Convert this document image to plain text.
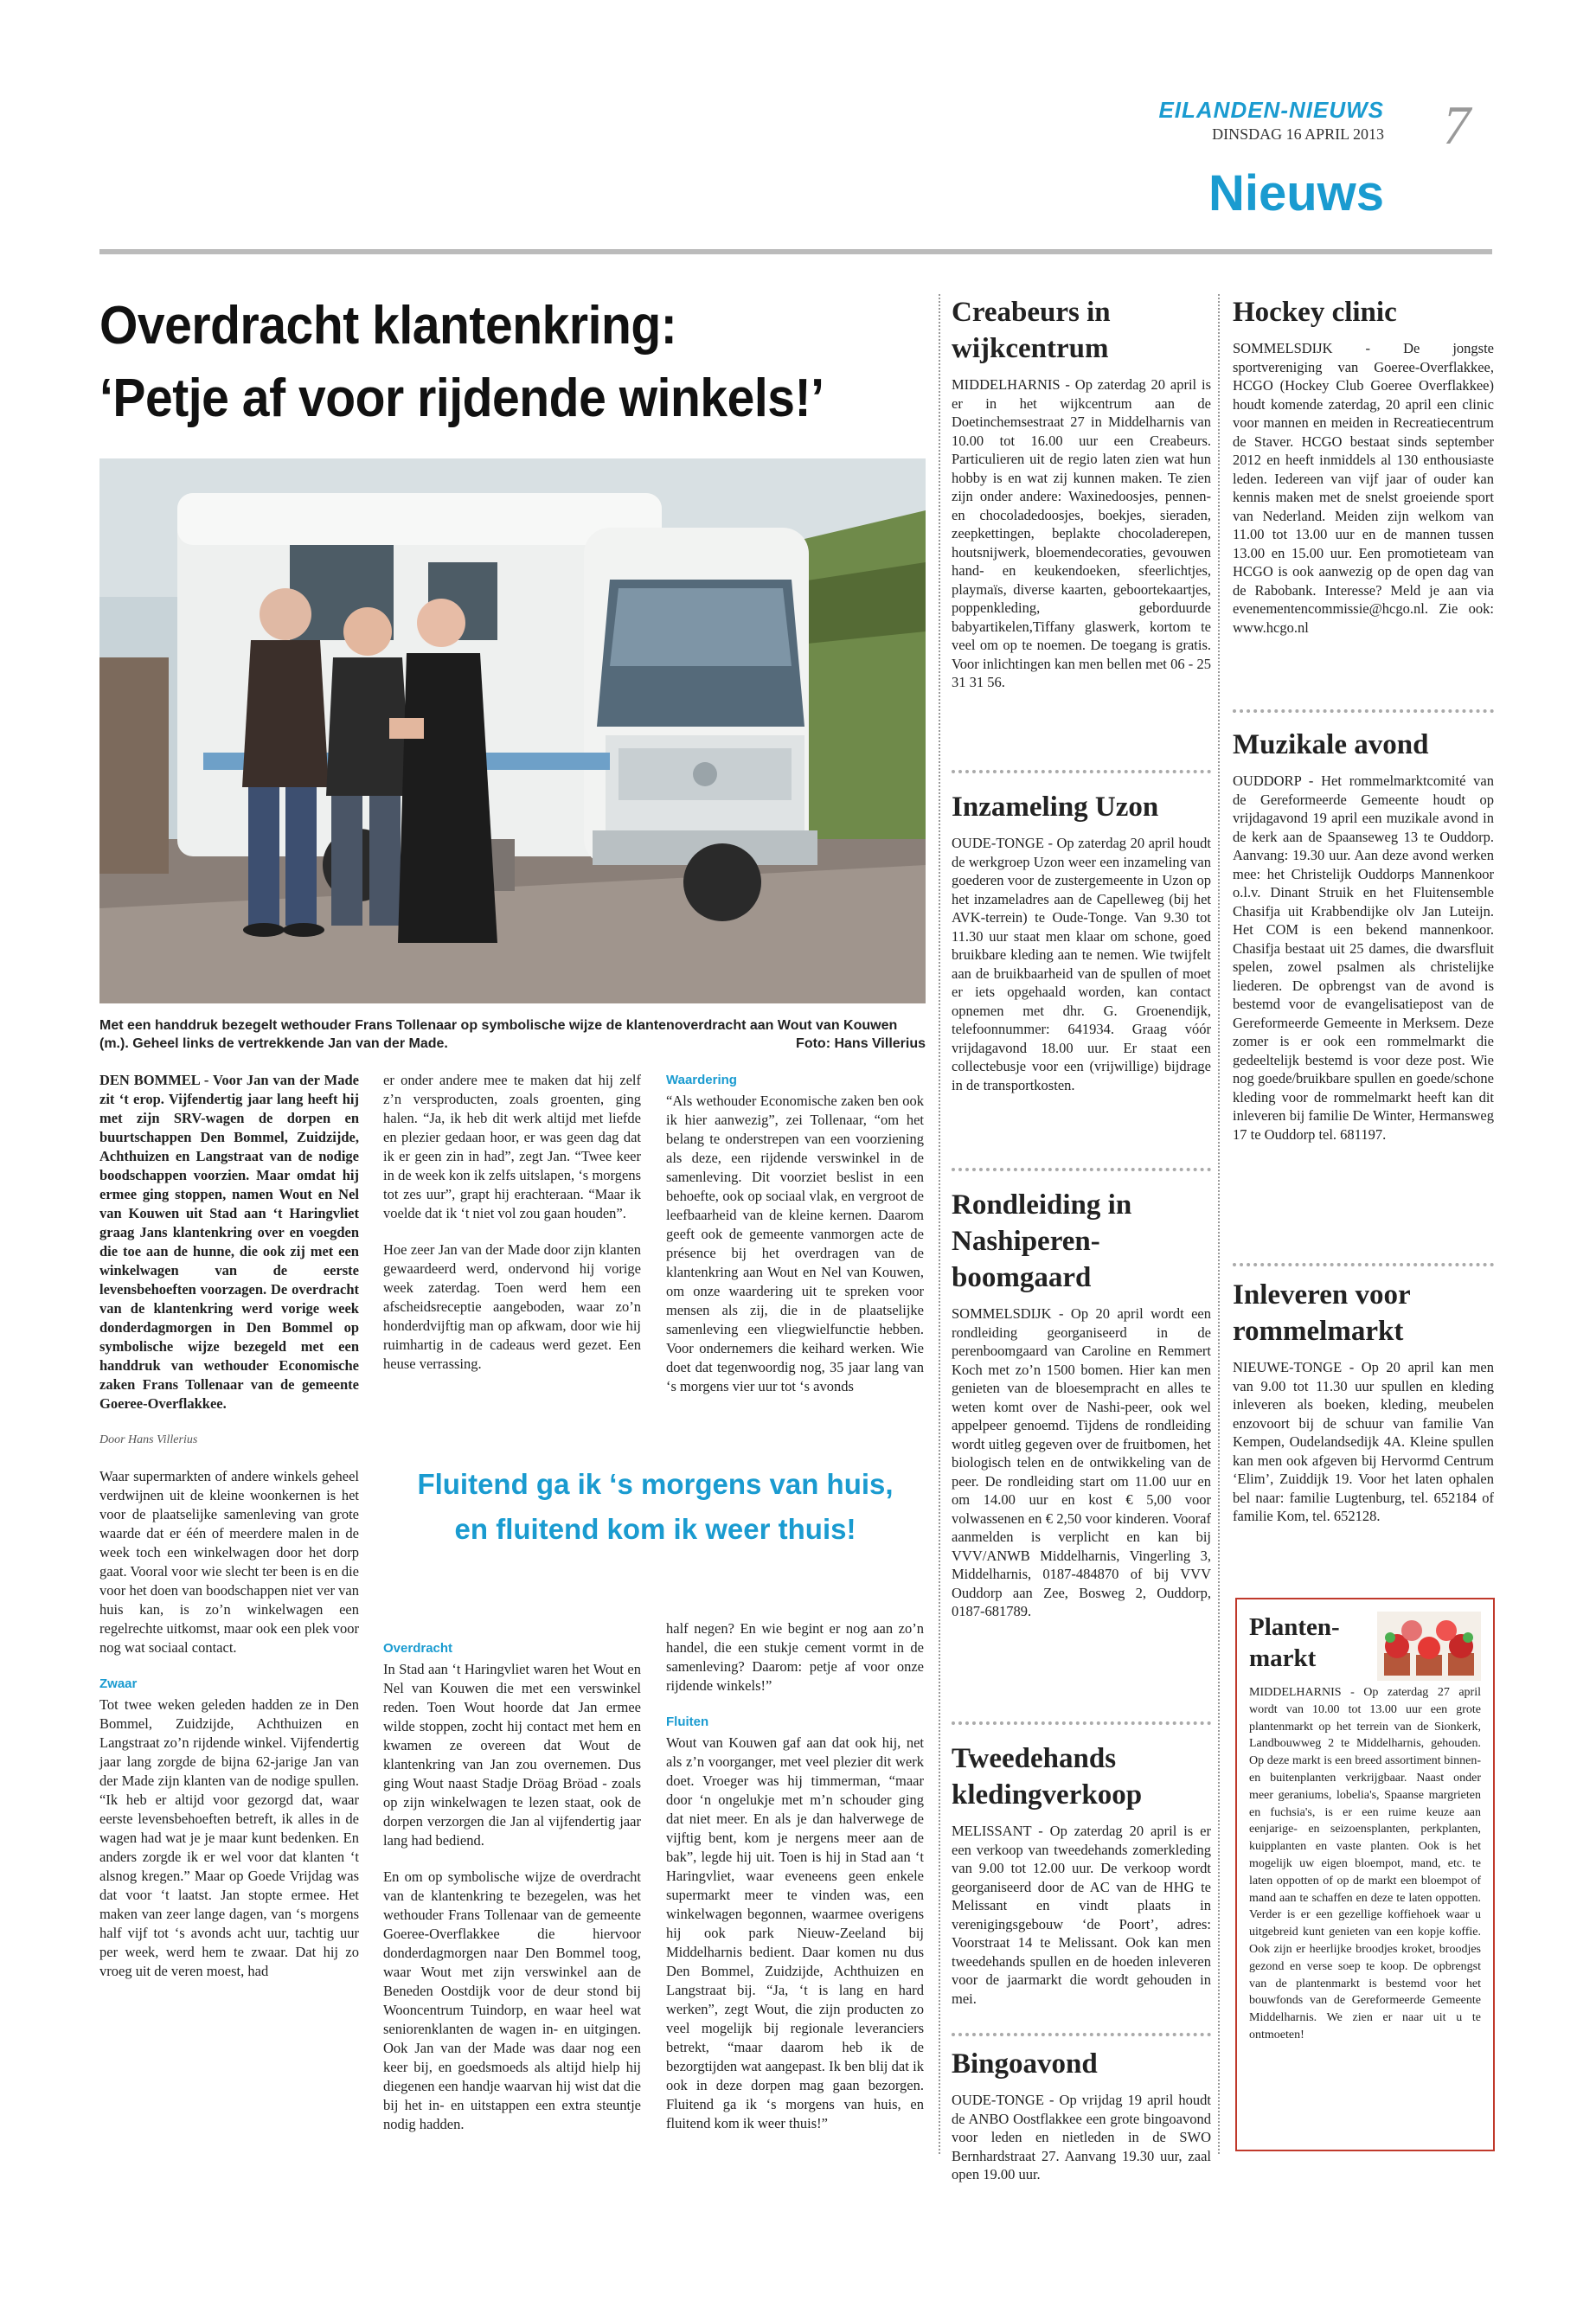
EILANDEN-NIEUWS
DINSDAG 16 APRIL 2013 7
Nieuws
Overdracht klantenkring:
‘Petje af voor rijdende winkels!’
Met een handdruk bezegelt wethouder Frans Tollenaar op symbolische wijze de klantenoverdracht aan Wout van Kouwen (m.). Geheel links de vertrekkende Jan van der Made.	Foto: Hans Villerius

DEN BOMMEL - Voor Jan van der Made zit ‘t erop. Vijfendertig jaar lang heeft hij met zijn SRV-wagen de dorpen en buurtschappen Den Bommel, Zuidzijde, Achthuizen en Langstraat van de nodige boodschappen voorzien. Maar omdat hij ermee ging stoppen, namen Wout en Nel van Kouwen uit Stad aan ‘t Haringvliet graag Jans klantenkring over en voegden die toe aan de hunne, die ook zij met een winkelwagen van de eerste levensbehoeften voorzagen. De overdracht van de klantenkring werd vorige week donderdagmorgen in Den Bommel op symbolische wijze bezegeld met een handdruk van wethouder Economische zaken Frans Tollenaar van de gemeente Goeree-Overflakkee.

Door Hans Villerius

Waar supermarkten of andere winkels geheel verdwijnen uit de kleine woonkernen is het voor de plaatselijke samenleving van grote waarde dat er één of meerdere malen in de week toch een winkelwagen door het dorp gaat. Vooral voor wie slecht ter been is en die voor het doen van boodschappen niet ver van huis kan, is zo’n winkelwagen een regelrechte uitkomst, maar ook een plek voor nog wat sociaal contact.

Zwaar

Tot twee weken geleden hadden ze in Den Bommel, Zuidzijde, Achthuizen en Langstraat zo’n rijdende winkel. Vijfendertig jaar lang zorgde de bijna 62-jarige Jan van der Made zijn klanten van de nodige spullen. “Ik heb er altijd voor gezorgd dat, waar eerste levensbehoeften betreft, ik alles in de wagen had wat je je maar kunt bedenken. En anders zorgde ik er wel voor dat klanten ‘t alsnog kregen.” Maar op Goede Vrijdag was dat voor ‘t laatst. Jan stopte ermee. Het maken van zeer lange dagen, van ‘s morgens half vijf tot ‘s avonds acht uur, tachtig uur per week, werd hem te zwaar. Dat hij zo vroeg uit de veren moest, had

er onder andere mee te maken dat hij zelf z’n versproducten, zoals groenten, ging halen. “Ja, ik heb dit werk altijd met liefde en plezier gedaan hoor, er was geen dag dat ik er geen zin in had”, zegt Jan. “Twee keer in de week kon ik zelfs uitslapen, ‘s morgens tot zes uur”, grapt hij erachteraan. “Maar ik voelde dat ik ‘t niet vol zou gaan houden”.

Hoe zeer Jan van der Made door zijn klanten gewaardeerd werd, ondervond hij vorige week zaterdag. Toen werd hem een afscheidsreceptie aangeboden, waar zo’n honderdvijftig man op afkwam, door wie hij ruimhartig in de cadeaus werd gezet. Een heuse verrassing.

Overdracht

In Stad aan ‘t Haringvliet waren het Wout en Nel van Kouwen die met een verswinkel reden. Toen Wout hoorde dat Jan ermee wilde stoppen, zocht hij contact met hem en kwamen ze overeen dat Wout de klantenkring van Jan zou overnemen. Dus ging Wout naast Stadje Dröag Bröad - zoals op zijn winkelwagen te lezen staat, ook de dorpen verzorgen die Jan al vijfendertig jaar lang had bediend.

En om op symbolische wijze de overdracht van de klantenkring te bezegelen, was het wethouder Frans Tollenaar van de gemeente Goeree-Overflakkee die hiervoor donderdagmorgen naar Den Bommel toog, waar Wout met zijn verswinkel aan de Beneden Oostdijk voor de deur stond bij Wooncentrum Tuindorp, en waar heel wat seniorenklanten de wagen in- en uitgingen. Ook Jan van der Made was daar nog een keer bij, en goedsmoeds als altijd hielp hij diegenen een handje waarvan hij wist dat die bij het in- en uitstappen een extra steuntje nodig hadden.

Waardering

“Als wethouder Economische zaken ben ook ik hier aanwezig”, zei Tollenaar, “om het belang te onderstrepen van een voorziening als deze, een rijdende verswinkel in de samenleving. Dit voorziet beslist in een behoefte, ook op sociaal vlak, en vergroot de leefbaarheid van de kleine kernen. Daarom geeft ook de gemeente vanmorgen acte de présence bij het overdragen van de klantenkring aan Wout en Nel van Kouwen, om onze waardering uit te spreken voor mensen als zij, die in de plaatselijke samenleving een vliegwielfunctie hebben. Voor ondernemers die keihard werken. Wie doet dat tegenwoordig nog, 35 jaar lang van ‘s morgens vier uur tot ‘s avonds

half negen? En wie begint er nog aan zo’n handel, die een stukje cement vormt in de samenleving? Daarom: petje af voor onze rijdende winkels!”

Fluiten

Wout van Kouwen gaf aan dat ook hij, net als z’n voorganger, met veel plezier dit werk doet. Vroeger was hij timmerman, “maar door ‘n ongelukje met m’n schouder ging dat niet meer. En als je dan halverwege de vijftig bent, kom je nergens meer aan de bak”, legde hij uit. Toen is hij in Stad aan ‘t Haringvliet, waar eveneens geen enkele supermarkt meer te vinden was, een winkelwagen begonnen, waarmee overigens hij ook park Nieuw-Zeeland bij Middelharnis bedient. Daar komen nu dus Den Bommel, Zuidzijde, Achthuizen en Langstraat bij. “Ja, ‘t is lang en hard werken”, zegt Wout, die zijn producten zo veel mogelijk bij regionale leveranciers betrekt, “maar daarom heb ik de bezorgtijden wat aangepast. Ik ben blij dat ik ook in deze dorpen mag gaan bezorgen. Fluitend ga ik ‘s morgens van huis, en fluitend kom ik weer thuis!”

Fluitend ga ik ‘s morgens van huis, en fluitend kom ik weer thuis!
Creabeurs in wijkcentrum
MIDDELHARNIS - Op zaterdag 20 april is er in het wijkcentrum aan de Doetinchemsestraat 27 in Middelharnis van 10.00 tot 16.00 uur een Creabeurs. Particulieren uit de regio laten zien wat hun hobby is en wat zij kunnen maken. Te zien zijn onder andere: Waxinedoosjes, pennen- en chocoladedoosjes, boekjes, sieraden, zeepkettingen, beplakte chocoladerepen, houtsnijwerk, bloemendecoraties, gevouwen hand- en keukendoeken, sfeerlichtjes, playmaïs, diverse kaarten, geboortekaartjes, poppenkleding, geborduurde babyartikelen,Tiffany glaswerk, kortom te veel om op te noemen. De toegang is gratis. Voor inlichtingen kan men bellen met 06 - 25 31 31 56.
Inzameling Uzon
OUDE-TONGE - Op zaterdag 20 april houdt de werkgroep Uzon weer een inzameling van goederen voor de zustergemeente in Uzon op het inzameladres aan de Capelleweg (bij het AVK-terrein) te Oude-Tonge. Van 9.30 tot 11.30 uur staat men klaar om schone, goed bruikbare kleding aan te nemen. Wie twijfelt aan de bruikbaarheid van de spullen of moet er iets opgehaald worden, kan contact opnemen met dhr. G. Groenendijk, telefoonnummer: 641934. Graag vóór vrijdagavond 18.00 uur. Er staat een collectebusje voor een (vrijwillige) bijdrage in de transportkosten.
Rondleiding in Nashiperen-boomgaard
SOMMELSDIJK - Op 20 april wordt een rondleiding georganiseerd in de perenboomgaard van Caroline en Remmert Koch met zo’n 1500 bomen. Hier kan men genieten van de bloesempracht en alles te weten komt over de Nashi-peer, ook wel appelpeer genoemd. Tijdens de rondleiding wordt uitleg gegeven over de fruitbomen, het biologisch telen en de ontwikkeling van de peer. De rondleiding start om 11.00 uur en om 14.00 uur en kost € 5,00 voor volwassenen en € 2,50 voor kinderen. Vooraf aanmelden is verplicht en kan bij VVV/ANWB Middelharnis, Vingerling 3, Middelharnis, 0187-484870 of bij VVV Ouddorp aan Zee, Bosweg 2, Ouddorp, 0187-681789.
Tweedehands kledingverkoop
MELISSANT - Op zaterdag 20 april is er een verkoop van tweedehands zomerkleding van 9.00 tot 12.00 uur. De verkoop wordt georganiseerd door de AC van de HHG te Melissant en vindt plaats in verenigingsgebouw ‘de Poort’, adres: Voorstraat 14 te Melissant. Ook kan men tweedehands spullen en de hoeden inleveren voor de jaarmarkt die wordt gehouden in mei.
Bingoavond
OUDE-TONGE - Op vrijdag 19 april houdt de ANBO Oostflakkee een grote bingoavond voor leden en nietleden in de SWO Bernhardstraat 27. Aanvang 19.30 uur, zaal open 19.00 uur.
Hockey clinic
SOMMELSDIJK - De jongste sportvereniging van Goeree-Overflakkee, HCGO (Hockey Club Goeree Overflakkee) houdt komende zaterdag, 20 april een clinic voor mannen en meiden in Recreatiecentrum de Staver. HCGO bestaat sinds september 2012 en heeft inmiddels al 130 enthousiaste leden. Iedereen van vijf jaar of ouder kan kennis maken met de snelst groeiende sport van Nederland. Meiden zijn welkom van 11.00 tot 13.00 uur en de mannen tussen 13.00 en 15.00 uur. Een promotieteam van HCGO is ook aanwezig op de open dag van de Rabobank. Interesse? Meld je aan via evenementencommissie@hcgo.nl. Zie ook: www.hcgo.nl
Muzikale avond
OUDDORP - Het rommelmarktcomité van de Gereformeerde Gemeente houdt op vrijdagavond 19 april een muzikale avond in de kerk aan de Spaanseweg 13 te Ouddorp. Aanvang: 19.30 uur. Aan deze avond werken mee: het Christelijk Ouddorps Mannenkoor o.l.v. Dinant Struik en het Fluitensemble Chasifja uit Krabbendijke olv Jan Luteijn. Het COM is een bekend mannenkoor. Chasifja bestaat uit 25 dames, die dwarsfluit spelen, zowel psalmen als christelijke liederen. De opbrengst van de avond is bestemd voor de evangelisatiepost van de Gereformeerde Gemeente in Merksem. Deze zomer is er ook een rommelmarkt die gedeeltelijk bestemd is voor deze post. Wie nog goede/bruikbare spullen en goede/schone kleding voor de rommelmarkt heeft kan dit inleveren bij familie De Winter, Hermansweg 17 te Ouddorp tel. 681197.
Inleveren voor rommelmarkt
NIEUWE-TONGE - Op 20 april kan men van 9.00 tot 11.30 uur spullen en kleding inleveren als boeken, kleding, meubelen enzovoort bij de schuur van familie Van Kempen, Oudelandsedijk 4A. Kleine spullen kan men ook afgeven bij Hervormd Centrum ‘Elim’, Zuiddijk 19. Voor het laten ophalen bel naar: familie Lugtenburg, tel. 652184 of familie Kom, tel. 652128.
Planten-
markt
MIDDELHARNIS - Op zaterdag 27 april wordt van 10.00 tot 13.00 uur een grote plantenmarkt op het terrein van de Sionkerk, Landbouwweg 2 te Middelharnis, gehouden. Op deze markt is een breed assortiment binnen- en buitenplanten verkrijgbaar. Naast onder meer geraniums, lobelia's, Spaanse margrieten en fuchsia's, is er een ruime keuze aan eenjarige- en seizoensplanten, perkplanten, kuipplanten en vaste planten. Ook is het mogelijk uw eigen bloempot, mand, etc. te laten oppotten of op de markt een bloempot of mand aan te schaffen en deze te laten oppotten. Verder is er een gezellige koffiehoek waar u uitgebreid kunt genieten van een kopje koffie. Ook zijn er heerlijke broodjes kroket, broodjes gezond en verse soep te koop. De opbrengst van de plantenmarkt is bestemd voor het bouwfonds van de Gereformeerde Gemeente Middelharnis. We zien er naar uit u te ontmoeten!
